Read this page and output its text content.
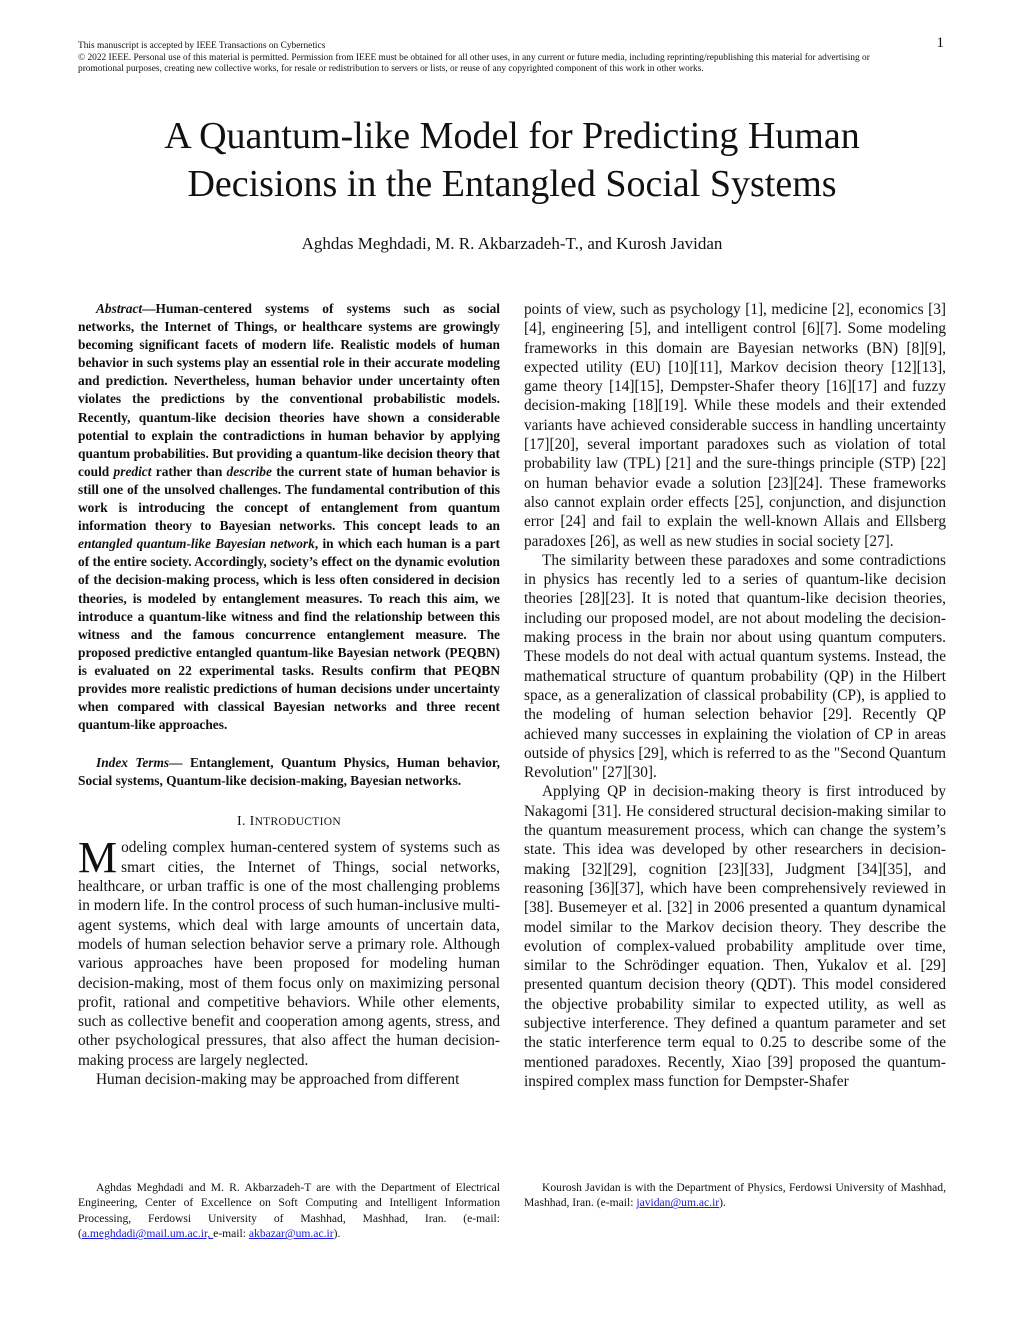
This manuscript is accepted by IEEE Transactions on Cybernetics
© 2022 IEEE. Personal use of this material is permitted. Permission from IEEE must be obtained for all other uses, in any current or future media, including reprinting/republishing this material for advertising or
promotional purposes, creating new collective works, for resale or redistribution to servers or lists, or reuse of any copyrighted component of this work in other works.
1
A Quantum-like Model for Predicting Human
Decisions in the Entangled Social Systems

Aghdas Meghdadi, M. R. Akbarzadeh-T., and Kurosh Javidan

Abstract—Human-centered systems of systems such as social networks, the Internet of Things, or healthcare systems are growingly becoming significant facets of modern life. Realistic models of human behavior in such systems play an essential role in their accurate modeling and prediction. Nevertheless, human behavior under uncertainty often violates the predictions by the conventional probabilistic models. Recently, quantum-like decision theories have shown a considerable potential to explain the contradictions in human behavior by applying quantum probabilities. But providing a quantum-like decision theory that could predict rather than describe the current state of human behavior is still one of the unsolved challenges. The fundamental contribution of this work is introducing the concept of entanglement from quantum information theory to Bayesian networks. This concept leads to an entangled quantum-like Bayesian network, in which each human is a part of the entire society. Accordingly, society’s effect on the dynamic evolution of the decision-making process, which is less often considered in decision theories, is modeled by entanglement measures. To reach this aim, we introduce a quantum-like witness and find the relationship between this witness and the famous concurrence entanglement measure. The proposed predictive entangled quantum-like Bayesian network (PEQBN) is evaluated on 22 experimental tasks. Results confirm that PEQBN provides more realistic predictions of human decisions under uncertainty when compared with classical Bayesian networks and three recent quantum-like approaches.

Index Terms— Entanglement, Quantum Physics, Human behavior, Social systems, Quantum-like decision-making, Bayesian networks.

I. INTRODUCTION

Modeling complex human-centered system of systems such as smart cities, the Internet of Things, social networks, healthcare, or urban traffic is one of the most challenging problems in modern life. In the control process of such human-inclusive multi-agent systems, which deal with large amounts of uncertain data, models of human selection behavior serve a primary role. Although various approaches have been proposed for modeling human decision-making, most of them focus only on maximizing personal profit, rational and competitive behaviors. While other elements, such as collective benefit and cooperation among agents, stress, and other psychological pressures, that also affect the human decision-making process are largely neglected.

Human decision-making may be approached from different

points of view, such as psychology [1], medicine [2], economics [3][4], engineering [5], and intelligent control [6][7]. Some modeling frameworks in this domain are Bayesian networks (BN) [8][9], expected utility (EU) [10][11], Markov decision theory [12][13], game theory [14][15], Dempster-Shafer theory [16][17] and fuzzy decision-making [18][19]. While these models and their extended variants have achieved considerable success in handling uncertainty [17][20], several important paradoxes such as violation of total probability law (TPL) [21] and the sure-things principle (STP) [22] on human behavior evade a solution [23][24]. These frameworks also cannot explain order effects [25], conjunction, and disjunction error [24] and fail to explain the well-known Allais and Ellsberg paradoxes [26], as well as new studies in social society [27].

The similarity between these paradoxes and some contradictions in physics has recently led to a series of quantum-like decision theories [28][23]. It is noted that quantum-like decision theories, including our proposed model, are not about modeling the decision-making process in the brain nor about using quantum computers. These models do not deal with actual quantum systems. Instead, the mathematical structure of quantum probability (QP) in the Hilbert space, as a generalization of classical probability (CP), is applied to the modeling of human selection behavior [29]. Recently QP achieved many successes in explaining the violation of CP in areas outside of physics [29], which is referred to as the "Second Quantum Revolution" [27][30].

Applying QP in decision-making theory is first introduced by Nakagomi [31]. He considered structural decision-making similar to the quantum measurement process, which can change the system’s state. This idea was developed by other researchers in decision-making [32][29], cognition [23][33], Judgment [34][35], and reasoning [36][37], which have been comprehensively reviewed in [38]. Busemeyer et al. [32] in 2006 presented a quantum dynamical model similar to the Markov decision theory. They describe the evolution of complex-valued probability amplitude over time, similar to the Schrödinger equation. Then, Yukalov et al. [29] presented quantum decision theory (QDT). This model considered the objective probability similar to expected utility, as well as subjective interference. They defined a quantum parameter and set the static interference term equal to 0.25 to describe some of the mentioned paradoxes. Recently, Xiao [39] proposed the quantum-inspired complex mass function for Dempster-Shafer

Aghdas Meghdadi and M. R. Akbarzadeh-T are with the Department of Electrical Engineering, Center of Excellence on Soft Computing and Intelligent Information Processing, Ferdowsi University of Mashhad, Mashhad, Iran. (e-mail: (a.meghdadi@mail.um.ac.ir, e-mail: akbazar@um.ac.ir).
Kourosh Javidan is with the Department of Physics, Ferdowsi University of Mashhad, Mashhad, Iran. (e-mail: javidan@um.ac.ir).
